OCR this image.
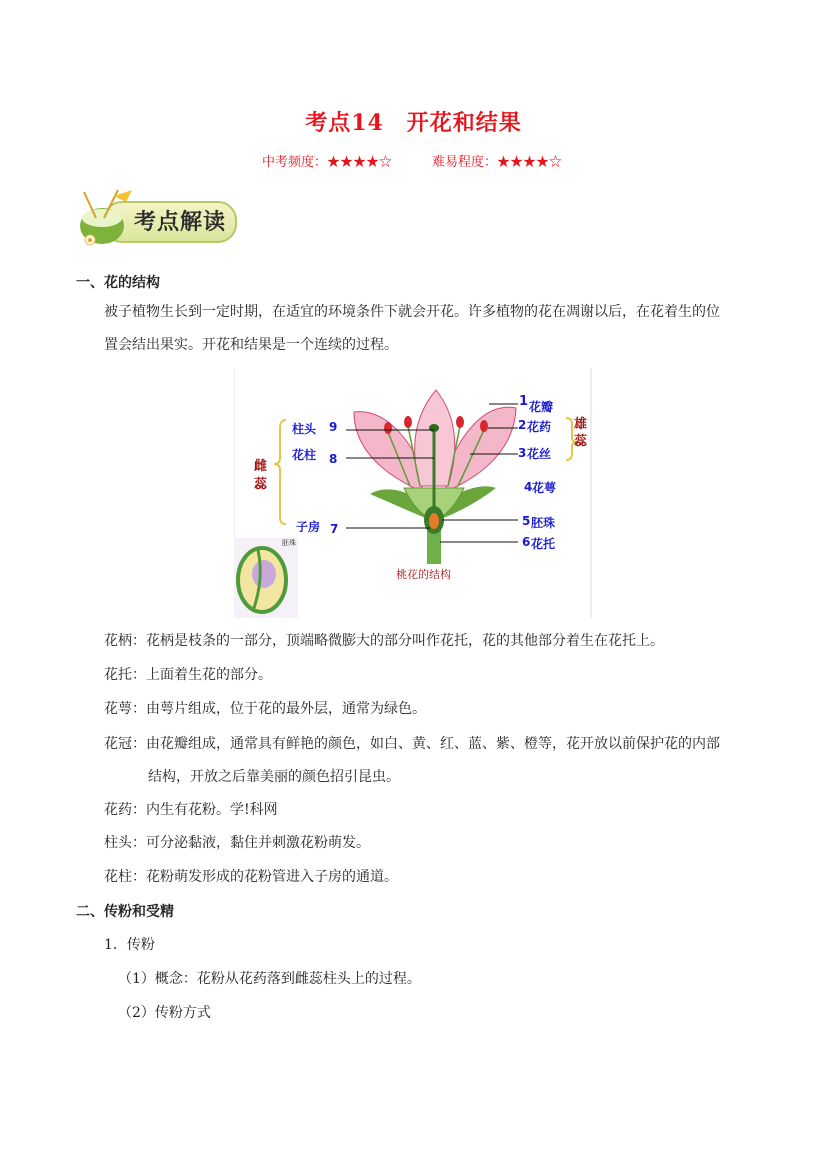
考点14　开花和结果
中考频度：★★★★☆	难易程度：★★★★☆
考点解读
一、花的结构
被子植物生长到一定时期，在适宜的环境条件下就会开花。许多植物的花在凋谢以后，在花着生的位
置会结出果实。开花和结果是一个连续的过程。
柱头 9
花柱 8
子房 7
雌蕊
1 花瓣
2 花药
3 花丝
4 花萼
5 胚珠
6 花托
雄蕊
桃花的结构
胚珠
花柄：花柄是枝条的一部分，顶端略微膨大的部分叫作花托，花的其他部分着生在花托上。
花托：上面着生花的部分。
花萼：由萼片组成，位于花的最外层，通常为绿色。
花冠：由花瓣组成，通常具有鲜艳的颜色，如白、黄、红、蓝、紫、橙等，花开放以前保护花的内部
结构，开放之后靠美丽的颜色招引昆虫。
花药：内生有花粉。学!科网
柱头：可分泌黏液，黏住并刺激花粉萌发。
花柱：花粉萌发形成的花粉管进入子房的通道。
二、传粉和受精
1．传粉
（1）概念：花粉从花药落到雌蕊柱头上的过程。
（2）传粉方式
